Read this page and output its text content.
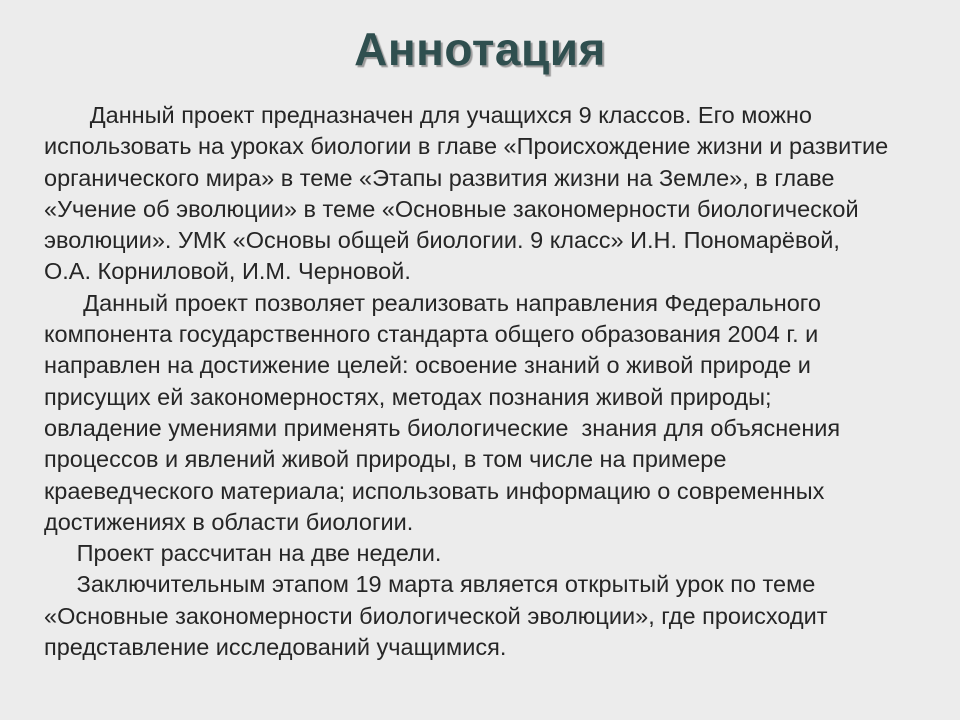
Аннотация
Данный проект предназначен для учащихся 9 классов. Его можно
использовать на уроках биологии в главе «Происхождение жизни и развитие
органического мира» в теме «Этапы развития жизни на Земле», в главе
«Учение об эволюции» в теме «Основные закономерности биологической
эволюции». УМК «Основы общей биологии. 9 класс» И.Н. Пономарёвой,
О.А. Корниловой, И.М. Черновой.
Данный проект позволяет реализовать направления Федерального
компонента государственного стандарта общего образования 2004 г. и
направлен на достижение целей: освоение знаний о живой природе и
присущих ей закономерностях, методах познания живой природы;
овладение умениями применять биологические  знания для объяснения
процессов и явлений живой природы, в том числе на примере
краеведческого материала; использовать информацию о современных
достижениях в области биологии.
Проект рассчитан на две недели.
Заключительным этапом 19 марта является открытый урок по теме
«Основные закономерности биологической эволюции», где происходит
представление исследований учащимися.
